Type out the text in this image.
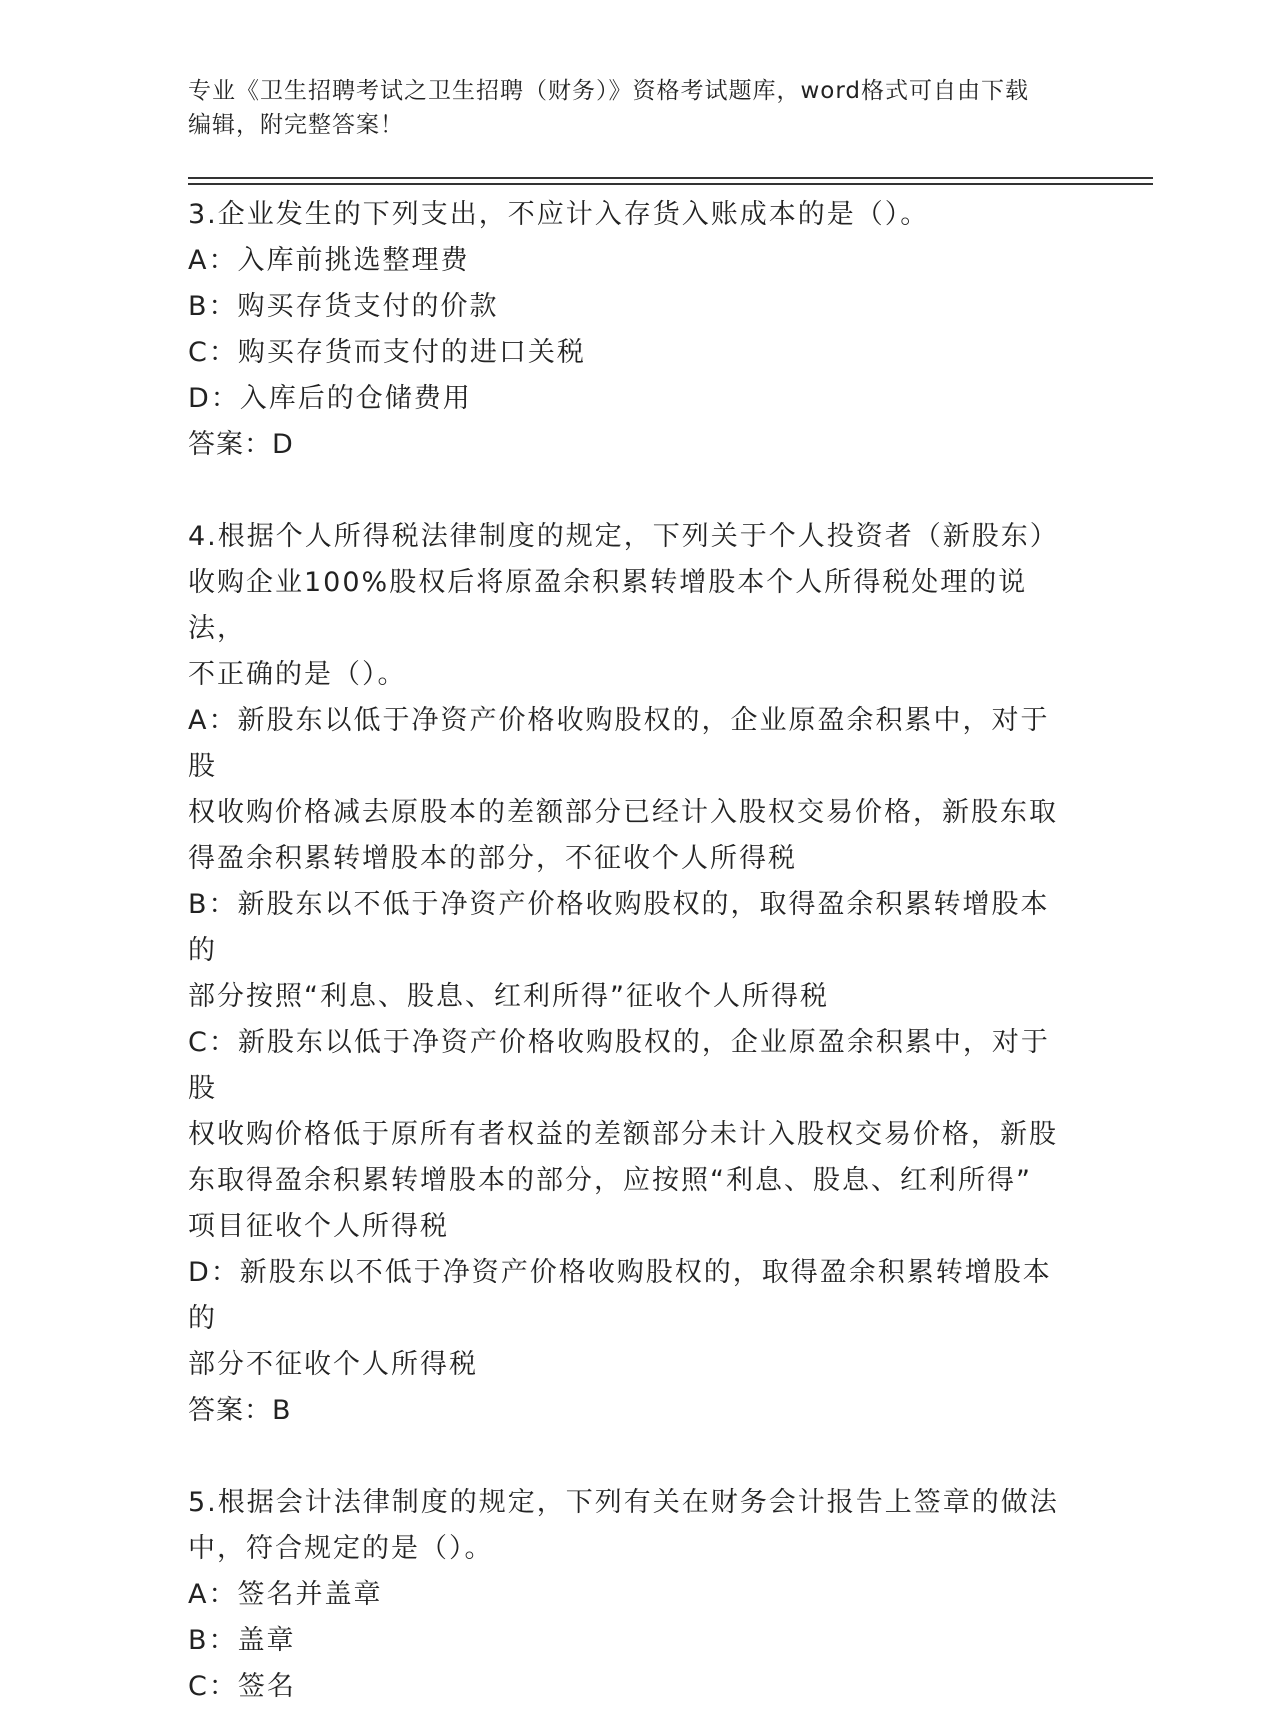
专业《卫生招聘考试之卫生招聘（财务）》资格考试题库，word格式可自由下载
编辑，附完整答案！
3.企业发生的下列支出，不应计入存货入账成本的是（）。
A：入库前挑选整理费
B：购买存货支付的价款
C：购买存货而支付的进口关税
D：入库后的仓储费用
答案：D
4.根据个人所得税法律制度的规定，下列关于个人投资者（新股东）
收购企业100%股权后将原盈余积累转增股本个人所得税处理的说法，
不正确的是（）。
A：新股东以低于净资产价格收购股权的，企业原盈余积累中，对于股
权收购价格减去原股本的差额部分已经计入股权交易价格，新股东取
得盈余积累转增股本的部分，不征收个人所得税
B：新股东以不低于净资产价格收购股权的，取得盈余积累转增股本的
部分按照“利息、股息、红利所得”征收个人所得税
C：新股东以低于净资产价格收购股权的，企业原盈余积累中，对于股
权收购价格低于原所有者权益的差额部分未计入股权交易价格，新股
东取得盈余积累转增股本的部分，应按照“利息、股息、红利所得”
项目征收个人所得税
D：新股东以不低于净资产价格收购股权的，取得盈余积累转增股本的
部分不征收个人所得税
答案：B
5.根据会计法律制度的规定，下列有关在财务会计报告上签章的做法
中，符合规定的是（）。
A：签名并盖章
B：盖章
C：签名
